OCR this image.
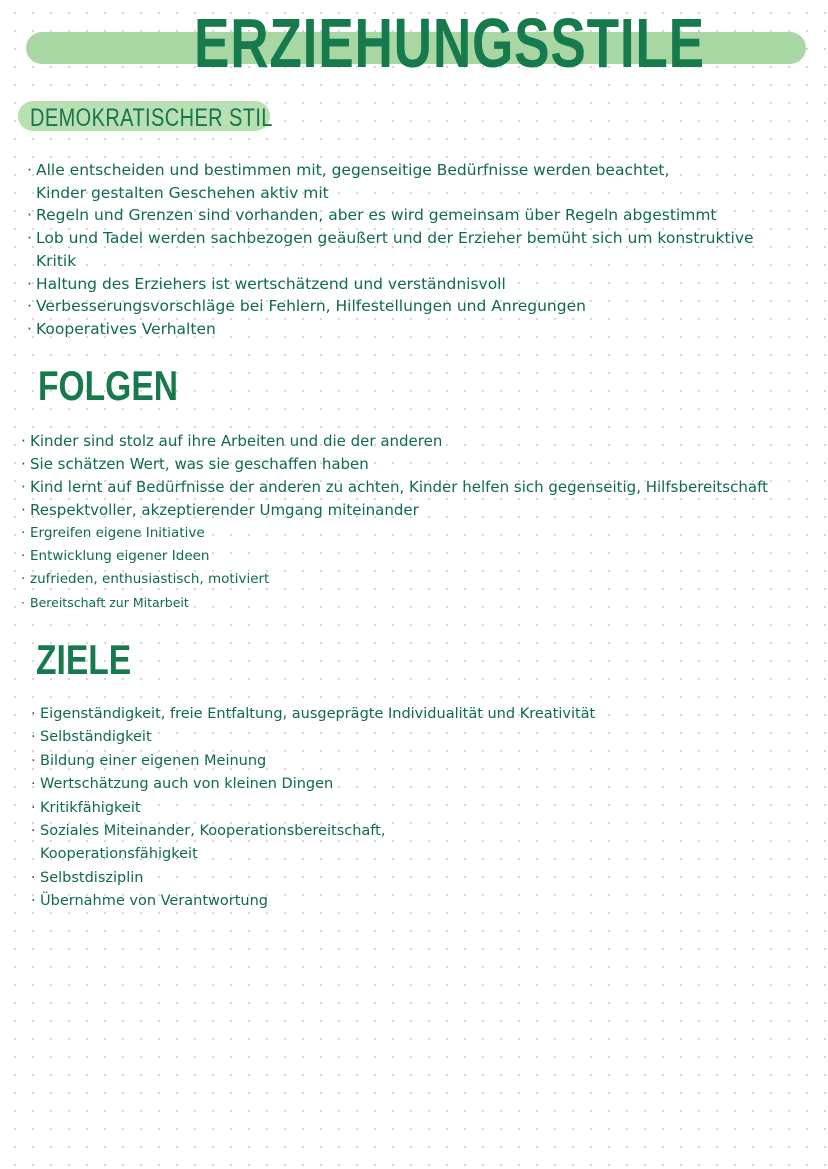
ERZIEHUNGSSTILE
DEMOKRATISCHER STIL
· Alle entscheiden und bestimmen mit, gegenseitige Bedürfnisse werden beachtet,
Kinder gestalten Geschehen aktiv mit
· Regeln und Grenzen sind vorhanden, aber es wird gemeinsam über Regeln abgestimmt
· Lob und Tadel werden sachbezogen geäußert und der Erzieher bemüht sich um konstruktive
Kritik
· Haltung des Erziehers ist wertschätzend und verständnisvoll
· Verbesserungsvorschläge bei Fehlern, Hilfestellungen und Anregungen
· Kooperatives Verhalten
FOLGEN
· Kinder sind stolz auf ihre Arbeiten und die der anderen
· Sie schätzen Wert, was sie geschaffen haben
· Kind lernt auf Bedürfnisse der anderen zu achten, Kinder helfen sich gegenseitig, Hilfsbereitschaft
· Respektvoller, akzeptierender Umgang miteinander
· Ergreifen eigene Initiative
· Entwicklung eigener Ideen
· zufrieden, enthusiastisch, motiviert
· Bereitschaft zur Mitarbeit
ZIELE
· Eigenständigkeit, freie Entfaltung, ausgeprägte Individualität und Kreativität
· Selbständigkeit
· Bildung einer eigenen Meinung
· Wertschätzung auch von kleinen Dingen
· Kritikfähigkeit
· Soziales Miteinander, Kooperationsbereitschaft,
Kooperationsfähigkeit
· Selbstdisziplin
· Übernahme von Verantwortung
